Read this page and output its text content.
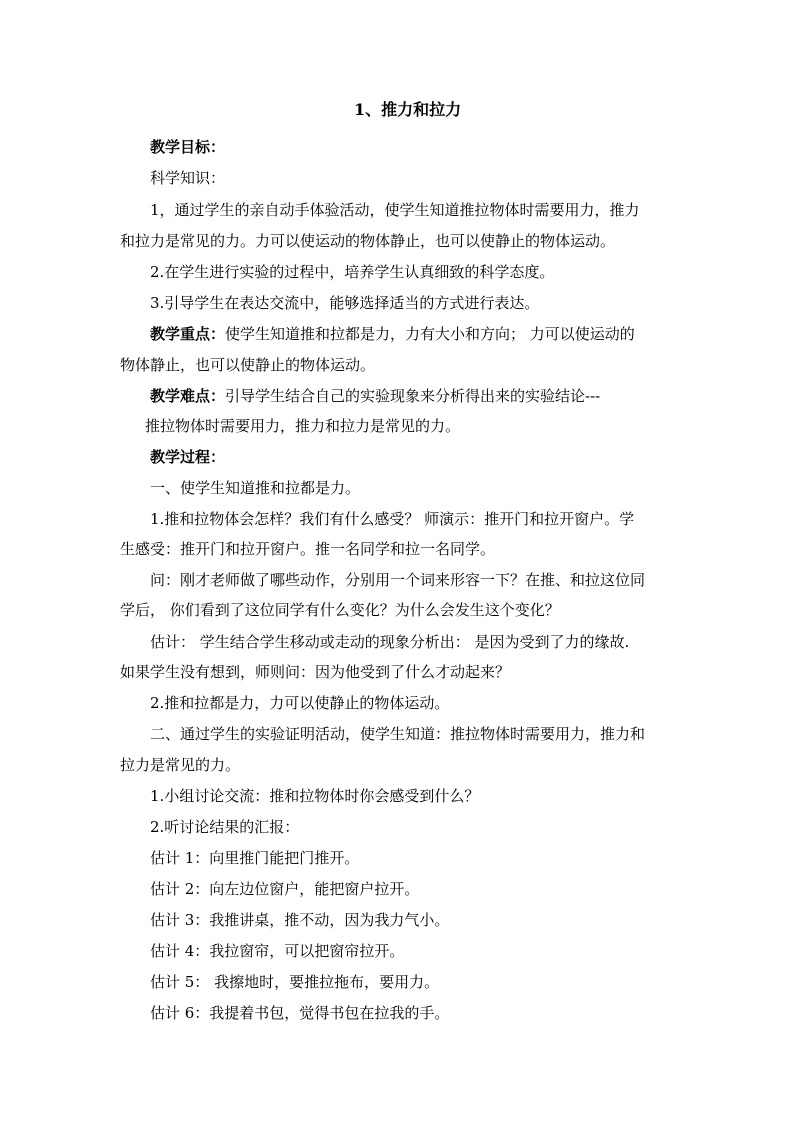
1、推力和拉力
教学目标：
科学知识：
1，通过学生的亲自动手体验活动，使学生知道推拉物体时需要用力，推力
和拉力是常见的力。力可以使运动的物体静止，也可以使静止的物体运动。
2.在学生进行实验的过程中，培养学生认真细致的科学态度。
3.引导学生在表达交流中，能够选择适当的方式进行表达。
教学重点：使学生知道推和拉都是力，力有大小和方向； 力可以使运动的
物体静止，也可以使静止的物体运动。
教学难点：引导学生结合自己的实验现象来分析得出来的实验结论---
推拉物体时需要用力，推力和拉力是常见的力。
教学过程：
一、使学生知道推和拉都是力。
1.推和拉物体会怎样？我们有什么感受？ 师演示：推开门和拉开窗户。学
生感受：推开门和拉开窗户。推一名同学和拉一名同学。
问：刚才老师做了哪些动作，分别用一个词来形容一下？在推、和拉这位同
学后， 你们看到了这位同学有什么变化？为什么会发生这个变化？
估计： 学生结合学生移动或走动的现象分析出： 是因为受到了力的缘故.
如果学生没有想到，师则问：因为他受到了什么才动起来？
2.推和拉都是力，力可以使静止的物体运动。
二、通过学生的实验证明活动，使学生知道：推拉物体时需要用力，推力和
拉力是常见的力。
1.小组讨论交流：推和拉物体时你会感受到什么？
2.听讨论结果的汇报：
估计 1：向里推门能把门推开。
估计 2：向左边位窗户，能把窗户拉开。
估计 3：我推讲桌，推不动，因为我力气小。
估计 4：我拉窗帘，可以把窗帘拉开。
估计 5： 我擦地时，要推拉拖布，要用力。
估计 6：我提着书包，觉得书包在拉我的手。
